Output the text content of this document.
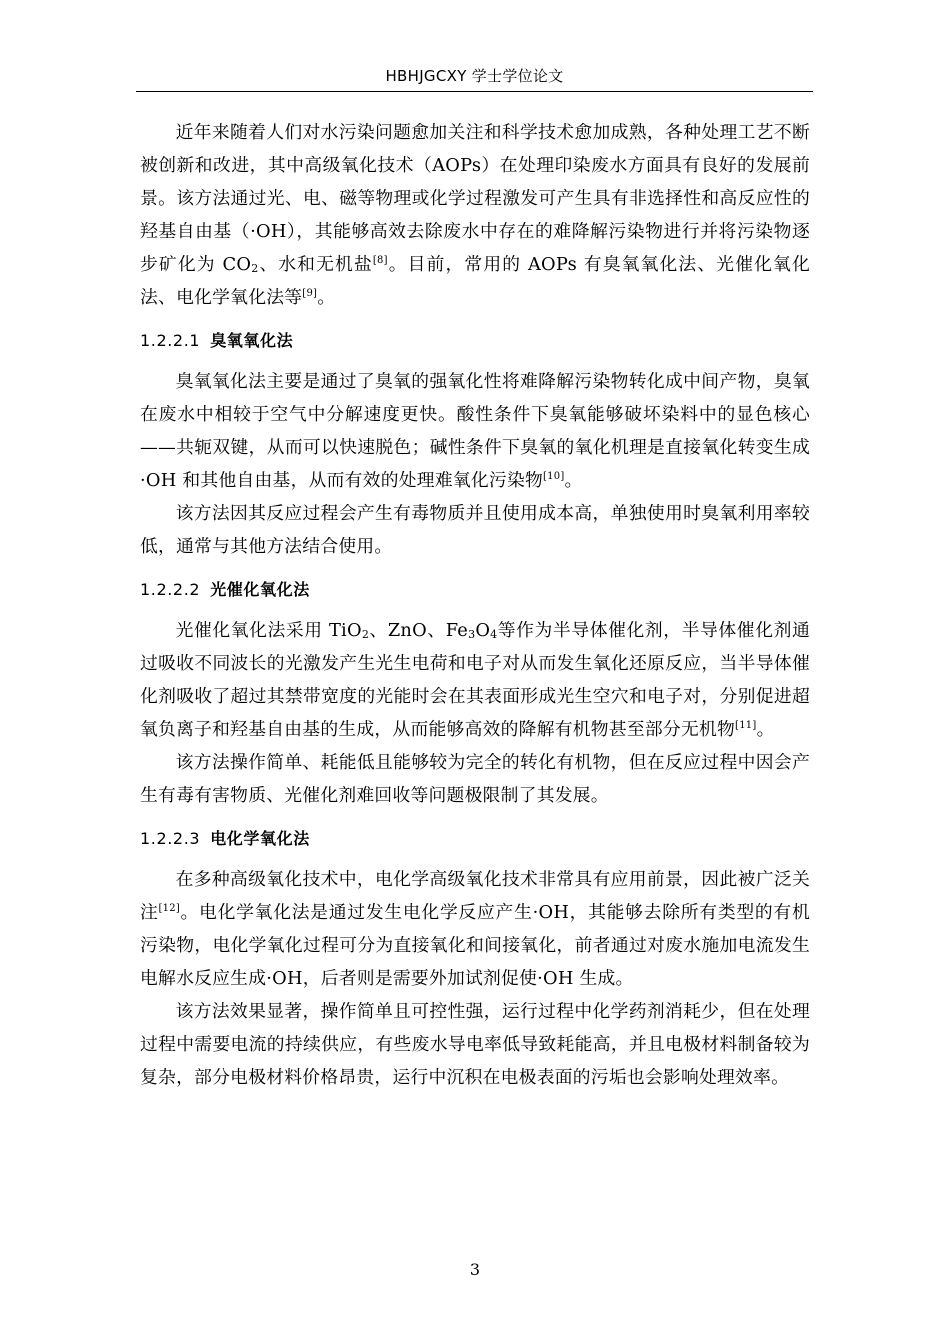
HBHJGCXY 学士学位论文

近年来随着人们对水污染问题愈加关注和科学技术愈加成熟，各种处理工艺不断被创新和改进，其中高级氧化技术（AOPs）在处理印染废水方面具有良好的发展前景。该方法通过光、电、磁等物理或化学过程激发可产生具有非选择性和高反应性的羟基自由基（·OH），其能够高效去除废水中存在的难降解污染物进行并将污染物逐步矿化为 $CO_2$、水和无机盐[8]。目前，常用的 AOPs 有臭氧氧化法、光催化氧化法、电化学氧化法等[9]。

1.2.2.1 臭氧氧化法

臭氧氧化法主要是通过了臭氧的强氧化性将难降解污染物转化成中间产物，臭氧在废水中相较于空气中分解速度更快。酸性条件下臭氧能够破坏染料中的显色核心——共轭双键，从而可以快速脱色；碱性条件下臭氧的氧化机理是直接氧化转变生成·OH 和其他自由基，从而有效的处理难氧化污染物[10]。

该方法因其反应过程会产生有毒物质并且使用成本高，单独使用时臭氧利用率较低，通常与其他方法结合使用。

1.2.2.2 光催化氧化法

光催化氧化法采用 TiO$_2$、ZnO、$Fe_3O_4$等作为半导体催化剂，半导体催化剂通过吸收不同波长的光激发产生光生电荷和电子对从而发生氧化还原反应，当半导体催化剂吸收了超过其禁带宽度的光能时会在其表面形成光生空穴和电子对，分别促进超氧负离子和羟基自由基的生成，从而能够高效的降解有机物甚至部分无机物[11]。

该方法操作简单、耗能低且能够较为完全的转化有机物，但在反应过程中因会产生有毒有害物质、光催化剂难回收等问题极限制了其发展。

1.2.2.3 电化学氧化法

在多种高级氧化技术中，电化学高级氧化技术非常具有应用前景，因此被广泛关注[12]。电化学氧化法是通过发生电化学反应产生·OH，其能够去除所有类型的有机污染物，电化学氧化过程可分为直接氧化和间接氧化，前者通过对废水施加电流发生电解水反应生成·OH，后者则是需要外加试剂促使·OH 生成。

该方法效果显著，操作简单且可控性强，运行过程中化学药剂消耗少，但在处理过程中需要电流的持续供应，有些废水导电率低导致耗能高，并且电极材料制备较为复杂，部分电极材料价格昂贵，运行中沉积在电极表面的污垢也会影响处理效率。

3
